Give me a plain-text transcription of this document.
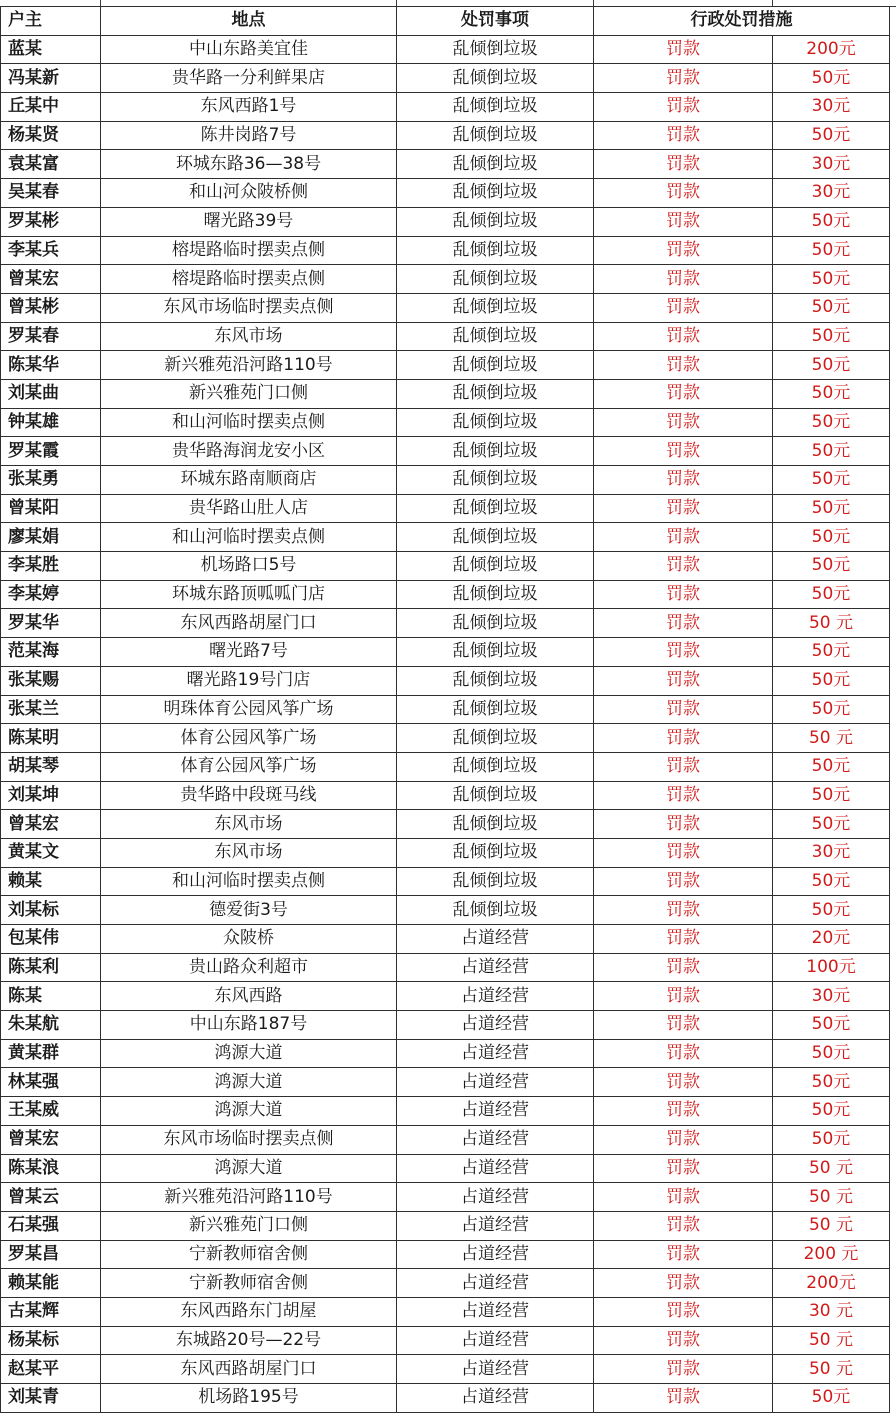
户主	地点	处罚事项	行政处罚措施	
蓝某	中山东路美宜佳	乱倾倒垃圾	罚款	200元
冯某新	贵华路一分利鲜果店	乱倾倒垃圾	罚款	50元
丘某中	东风西路1号	乱倾倒垃圾	罚款	30元
杨某贤	陈井岗路7号	乱倾倒垃圾	罚款	50元
袁某富	环城东路36—38号	乱倾倒垃圾	罚款	30元
吴某春	和山河众陂桥侧	乱倾倒垃圾	罚款	30元
罗某彬	曙光路39号	乱倾倒垃圾	罚款	50元
李某兵	榕堤路临时摆卖点侧	乱倾倒垃圾	罚款	50元
曾某宏	榕堤路临时摆卖点侧	乱倾倒垃圾	罚款	50元
曾某彬	东风市场临时摆卖点侧	乱倾倒垃圾	罚款	50元
罗某春	东风市场	乱倾倒垃圾	罚款	50元
陈某华	新兴雅苑沿河路110号	乱倾倒垃圾	罚款	50元
刘某曲	新兴雅苑门口侧	乱倾倒垃圾	罚款	50元
钟某雄	和山河临时摆卖点侧	乱倾倒垃圾	罚款	50元
罗某霞	贵华路海润龙安小区	乱倾倒垃圾	罚款	50元
张某勇	环城东路南顺商店	乱倾倒垃圾	罚款	50元
曾某阳	贵华路山肚人店	乱倾倒垃圾	罚款	50元
廖某娟	和山河临时摆卖点侧	乱倾倒垃圾	罚款	50元
李某胜	机场路口5号	乱倾倒垃圾	罚款	50元
李某婷	环城东路顶呱呱门店	乱倾倒垃圾	罚款	50元
罗某华	东风西路胡屋门口	乱倾倒垃圾	罚款	50 元
范某海	曙光路7号	乱倾倒垃圾	罚款	50元
张某赐	曙光路19号门店	乱倾倒垃圾	罚款	50元
张某兰	明珠体育公园风筝广场	乱倾倒垃圾	罚款	50元
陈某明	体育公园风筝广场	乱倾倒垃圾	罚款	50 元
胡某琴	体育公园风筝广场	乱倾倒垃圾	罚款	50元
刘某坤	贵华路中段斑马线	乱倾倒垃圾	罚款	50元
曾某宏	东风市场	乱倾倒垃圾	罚款	50元
黄某文	东风市场	乱倾倒垃圾	罚款	30元
赖某	和山河临时摆卖点侧	乱倾倒垃圾	罚款	50元
刘某标	德爱街3号	乱倾倒垃圾	罚款	50元
包某伟	众陂桥	占道经营	罚款	20元
陈某利	贵山路众利超市	占道经营	罚款	100元
陈某	东风西路	占道经营	罚款	30元
朱某航	中山东路187号	占道经营	罚款	50元
黄某群	鸿源大道	占道经营	罚款	50元
林某强	鸿源大道	占道经营	罚款	50元
王某威	鸿源大道	占道经营	罚款	50元
曾某宏	东风市场临时摆卖点侧	占道经营	罚款	50元
陈某浪	鸿源大道	占道经营	罚款	50 元
曾某云	新兴雅苑沿河路110号	占道经营	罚款	50 元
石某强	新兴雅苑门口侧	占道经营	罚款	50 元
罗某昌	宁新教师宿舍侧	占道经营	罚款	200 元
赖某能	宁新教师宿舍侧	占道经营	罚款	200元
古某辉	东风西路东门胡屋	占道经营	罚款	30 元
杨某标	东城路20号—22号	占道经营	罚款	50 元
赵某平	东风西路胡屋门口	占道经营	罚款	50 元
刘某青	机场路195号	占道经营	罚款	50元
